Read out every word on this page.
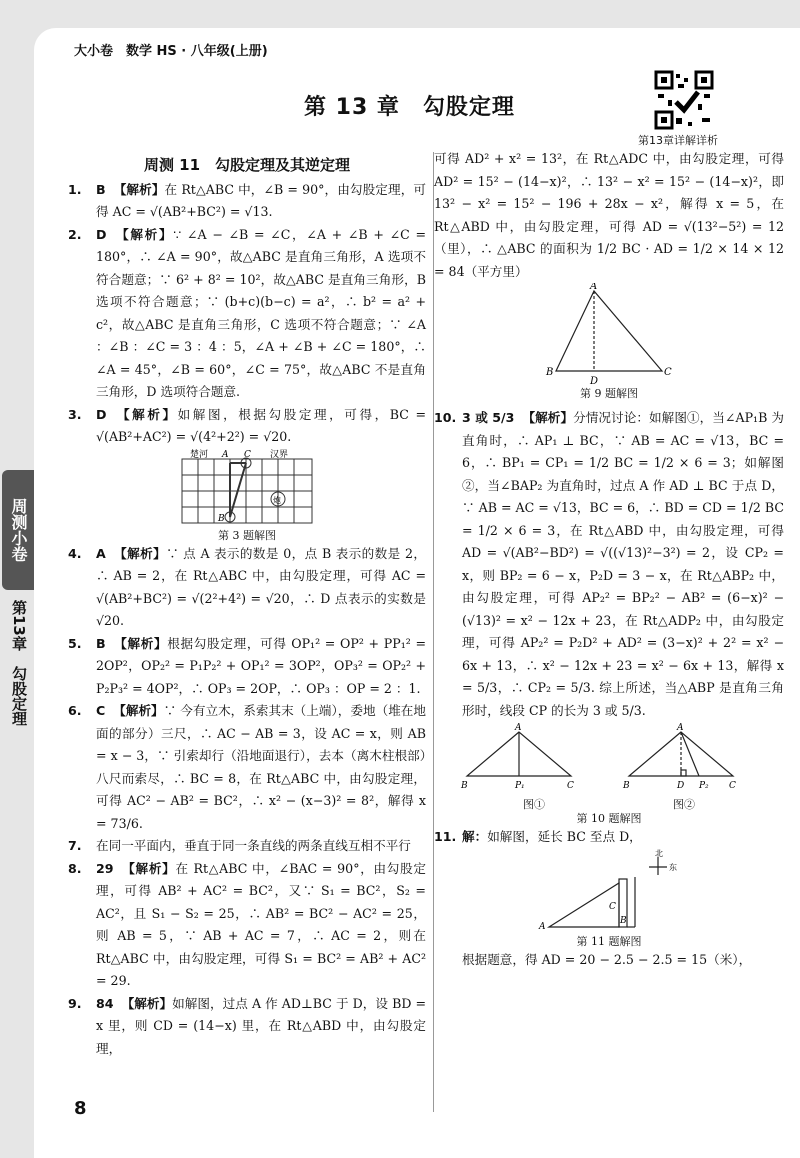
大小卷　数学 HS · 八年级(上册)
第 13 章　勾股定理
第13章详解详析
周测 11　勾股定理及其逆定理
1.	B 【解析】在 Rt△ABC 中，∠B = 90°，由勾股定理，可得 AC = √(AB²+BC²) = √13.
2.	D 【解析】∵ ∠A − ∠B = ∠C，∠A + ∠B + ∠C = 180°，∴ ∠A = 90°，故△ABC 是直角三角形，A 选项不符合题意；∵ 6² + 8² = 10²，故△ABC 是直角三角形，B 选项不符合题意；∵ (b+c)(b−c) = a²，∴ b² = a² + c²，故△ABC 是直角三角形，C 选项不符合题意；∵ ∠A ：∠B ：∠C = 3 ：4 ：5，∠A + ∠B + ∠C = 180°，∴ ∠A = 45°，∠B = 60°，∠C = 75°，故△ABC 不是直角三角形，D 选项符合题意.
3.	D 【解析】如解图，根据勾股定理，可得，BC = √(AB²+AC²) = √(4²+2²) = √20.
楚河	汉界
A C
B
炮
第 3 题解图
4.	A 【解析】∵ 点 A 表示的数是 0，点 B 表示的数是 2，∴ AB = 2，在 Rt△ABC 中，由勾股定理，可得 AC = √(AB²+BC²) = √(2²+4²) = √20，∴ D 点表示的实数是 √20.
5.	B 【解析】根据勾股定理，可得 OP₁² = OP² + PP₁² = 2OP²，OP₂² = P₁P₂² + OP₁² = 3OP²，OP₃² = OP₂² + P₂P₃² = 4OP²，∴ OP₃ = 2OP，∴ OP₃ ：OP = 2 ：1.
6.	C 【解析】∵ 今有立木，系索其末（上端），委地（堆在地面的部分）三尺，∴ AC − AB = 3，设 AC = x，则 AB = x − 3，∵ 引索却行（沿地面退行），去本（离木柱根部）八尺而索尽，∴ BC = 8，在 Rt△ABC 中，由勾股定理，可得 AC² − AB² = BC²，∴ x² − (x−3)² = 8²，解得 x = 73/6.
7.	在同一平面内，垂直于同一条直线的两条直线互相不平行
8.	29 【解析】在 Rt△ABC 中，∠BAC = 90°，由勾股定理，可得 AB² + AC² = BC²，又∵ S₁ = BC²，S₂ = AC²，且 S₁ − S₂ = 25，∴ AB² = BC² − AC² = 25，则 AB = 5，∵ AB + AC = 7，∴ AC = 2，则在 Rt△ABC 中，由勾股定理，可得 S₁ = BC² = AB² + AC² = 29.
9.	84 【解析】如解图，过点 A 作 AD⊥BC 于 D，设 BD = x 里，则 CD = (14−x) 里，在 Rt△ABD 中，由勾股定理，

可得 AD² + x² = 13²，在 Rt△ADC 中，由勾股定理，可得 AD² = 15² − (14−x)²，∴ 13² − x² = 15² − (14−x)²，即 13² − x² = 15² − 196 + 28x − x²，解得 x = 5，在 Rt△ABD 中，由勾股定理，可得 AD = √(13²−5²) = 12（里），∴ △ABC 的面积为 1/2 BC · AD = 1/2 × 14 × 12 = 84（平方里）

A
B
D
C
第 9 题解图
10. 3 或 5/3 【解析】分情况讨论：如解图①，当∠AP₁B 为直角时，∴ AP₁ ⊥ BC，∵ AB = AC = √13，BC = 6，∴ BP₁ = CP₁ = 1/2 BC = 1/2 × 6 = 3；如解图②，当∠BAP₂ 为直角时，过点 A 作 AD ⊥ BC 于点 D，∵ AB = AC = √13，BC = 6，∴ BD = CD = 1/2 BC = 1/2 × 6 = 3，在 Rt△ABD 中，由勾股定理，可得 AD = √(AB²−BD²) = √((√13)²−3²) = 2，设 CP₂ = x，则 BP₂ = 6 − x，P₂D = 3 − x，在 Rt△ABP₂ 中，由勾股定理，可得 AP₂² = BP₂² − AB² = (6−x)² − (√13)² = x² − 12x + 23，在 Rt△ADP₂ 中，由勾股定理，可得 AP₂² = P₂D² + AD² = (3−x)² + 2² = x² − 6x + 13，∴ x² − 12x + 23 = x² − 6x + 13，解得 x = 5/3，∴ CP₂ = 5/3. 综上所述，当△ABP 是直角三角形时，线段 CP 的长为 3 或 5/3.
A
B	P₁	C
A
B	D P₂ C
图①	图②
第 10 题解图
11. 解：如解图，延长 BC 至点 D，
北
东
A
B
C
第 11 题解图

根据题意，得 AD = 20 − 2.5 − 2.5 = 15（米），

8
周测小卷
第13章　勾股定理
